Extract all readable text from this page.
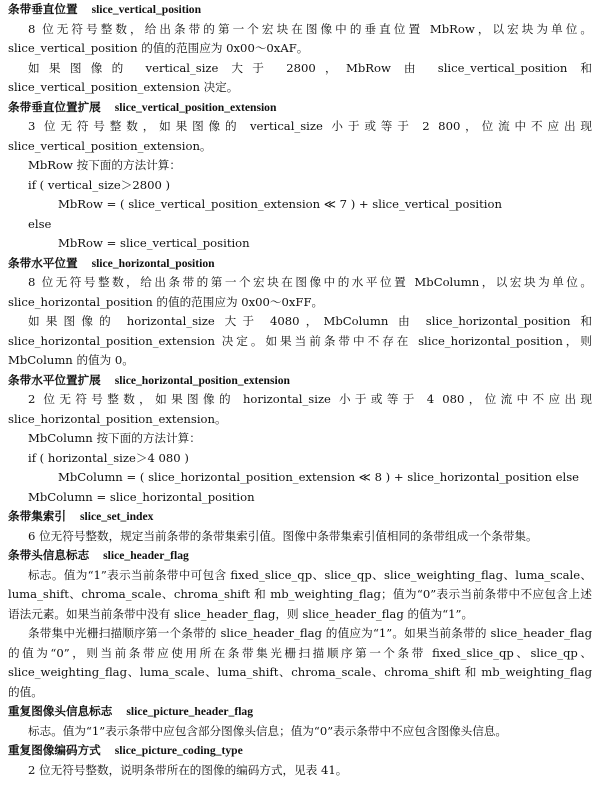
条带垂直位置 slice_vertical_position

8 位无符号整数，给出条带的第一个宏块在图像中的垂直位置 MbRow，以宏块为单位。slice_vertical_position 的值的范围应为 0x00～0xAF。

如果图像的 vertical_size 大于 2800，MbRow 由 slice_vertical_position 和 slice_vertical_position_extension 决定。

条带垂直位置扩展 slice_vertical_position_extension

3 位无符号整数，如果图像的 vertical_size 小于或等于 2 800，位流中不应出现 slice_vertical_position_extension。

MbRow 按下面的方法计算：

if ( vertical_size＞2800 )

MbRow = ( slice_vertical_position_extension ≪ 7 ) + slice_vertical_position

else

MbRow = slice_vertical_position

条带水平位置 slice_horizontal_position

8 位无符号整数，给出条带的第一个宏块在图像中的水平位置 MbColumn，以宏块为单位。slice_horizontal_position 的值的范围应为 0x00～0xFF。

如果图像的 horizontal_size 大于 4080，MbColumn 由 slice_horizontal_position 和 slice_horizontal_position_extension 决定。如果当前条带中不存在 slice_horizontal_position，则 MbColumn 的值为 0。

条带水平位置扩展 slice_horizontal_position_extension

2 位无符号整数，如果图像的 horizontal_size 小于或等于 4 080，位流中不应出现 slice_horizontal_position_extension。

MbColumn 按下面的方法计算：

if ( horizontal_size＞4 080 )

MbColumn = ( slice_horizontal_position_extension ≪ 8 ) + slice_horizontal_position else

MbColumn = slice_horizontal_position

条带集索引 slice_set_index

6 位无符号整数，规定当前条带的条带集索引值。图像中条带集索引值相同的条带组成一个条带集。

条带头信息标志 slice_header_flag

标志。值为“1”表示当前条带中可包含 fixed_slice_qp、slice_qp、slice_weighting_flag、luma_scale、luma_shift、chroma_scale、chroma_shift 和 mb_weighting_flag；值为“0”表示当前条带中不应包含上述语法元素。如果当前条带中没有 slice_header_flag，则 slice_header_flag 的值为“1”。

条带集中光栅扫描顺序第一个条带的 slice_header_flag 的值应为“1”。如果当前条带的 slice_header_flag 的值为“0”，则当前条带应使用所在条带集光栅扫描顺序第一个条带 fixed_slice_qp、slice_qp、slice_weighting_flag、luma_scale、luma_shift、chroma_scale、chroma_shift 和 mb_weighting_flag 的值。

重复图像头信息标志 slice_picture_header_flag

标志。值为“1”表示条带中应包含部分图像头信息；值为“0”表示条带中不应包含图像头信息。

重复图像编码方式 slice_picture_coding_type

2 位无符号整数，说明条带所在的图像的编码方式，见表 41。
